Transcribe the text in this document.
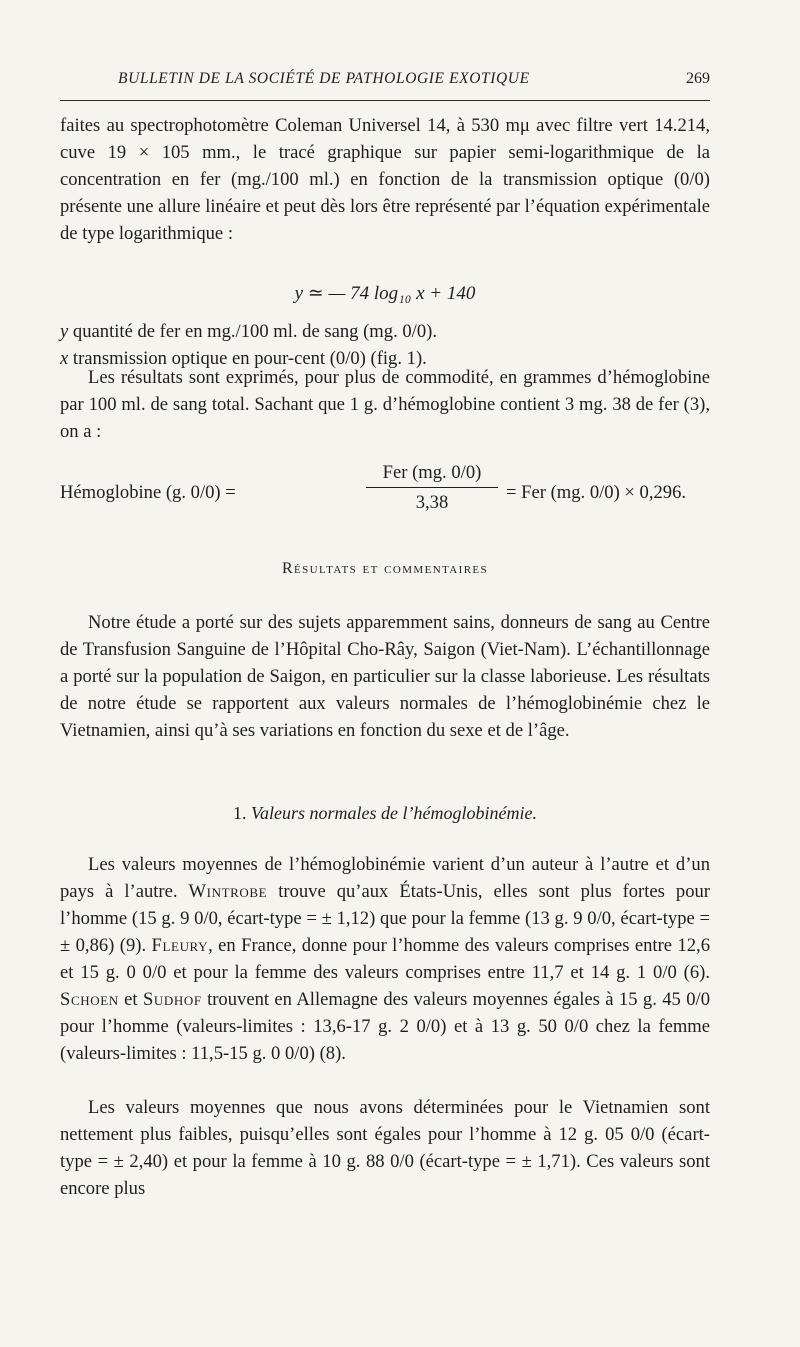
BULLETIN DE LA SOCIÉTÉ DE PATHOLOGIE EXOTIQUE	269

faites au spectrophotomètre Coleman Universel 14, à 530 mμ avec filtre vert 14.214, cuve 19 × 105 mm., le tracé graphique sur papier semi-logarithmique de la concentration en fer (mg./100 ml.) en fonction de la transmission optique (0/0) présente une allure linéaire et peut dès lors être représenté par l’équation expérimentale de type logarithmique :

y ≃ — 74 log₁₀ x + 140
y quantité de fer en mg./100 ml. de sang (mg. 0/0).
x transmission optique en pour-cent (0/0) (fig. 1).

Les résultats sont exprimés, pour plus de commodité, en grammes d’hémoglobine par 100 ml. de sang total. Sachant que 1 g. d’hémoglobine contient 3 mg. 38 de fer (3), on a :

Hémoglobine (g. 0/0) =
Fer (mg. 0/0)
3,38	= Fer (mg. 0/0) × 0,296.
Résultats et commentaires

Notre étude a porté sur des sujets apparemment sains, donneurs de sang au Centre de Transfusion Sanguine de l’Hôpital Cho-Rây, Saigon (Viet-Nam). L’échantillonnage a porté sur la population de Saigon, en particulier sur la classe laborieuse. Les résultats de notre étude se rapportent aux valeurs normales de l’hémoglobinémie chez le Vietnamien, ainsi qu’à ses variations en fonction du sexe et de l’âge.

1. Valeurs normales de l’hémoglobinémie.

Les valeurs moyennes de l’hémoglobinémie varient d’un auteur à l’autre et d’un pays à l’autre. Wintrobe trouve qu’aux États-Unis, elles sont plus fortes pour l’homme (15 g. 9 0/0, écart-type = ± 1,12) que pour la femme (13 g. 9 0/0, écart-type = ± 0,86) (9). Fleury, en France, donne pour l’homme des valeurs comprises entre 12,6 et 15 g. 0 0/0 et pour la femme des valeurs comprises entre 11,7 et 14 g. 1 0/0 (6). Schoen et Sudhof trouvent en Allemagne des valeurs moyennes égales à 15 g. 45 0/0 pour l’homme (valeurs-limites : 13,6-17 g. 2 0/0) et à 13 g. 50 0/0 chez la femme (valeurs-limites : 11,5-15 g. 0 0/0) (8).

Les valeurs moyennes que nous avons déterminées pour le Vietnamien sont nettement plus faibles, puisqu’elles sont égales pour l’homme à 12 g. 05 0/0 (écart-type = ± 2,40) et pour la femme à 10 g. 88 0/0 (écart-type = ± 1,71). Ces valeurs sont encore plus
